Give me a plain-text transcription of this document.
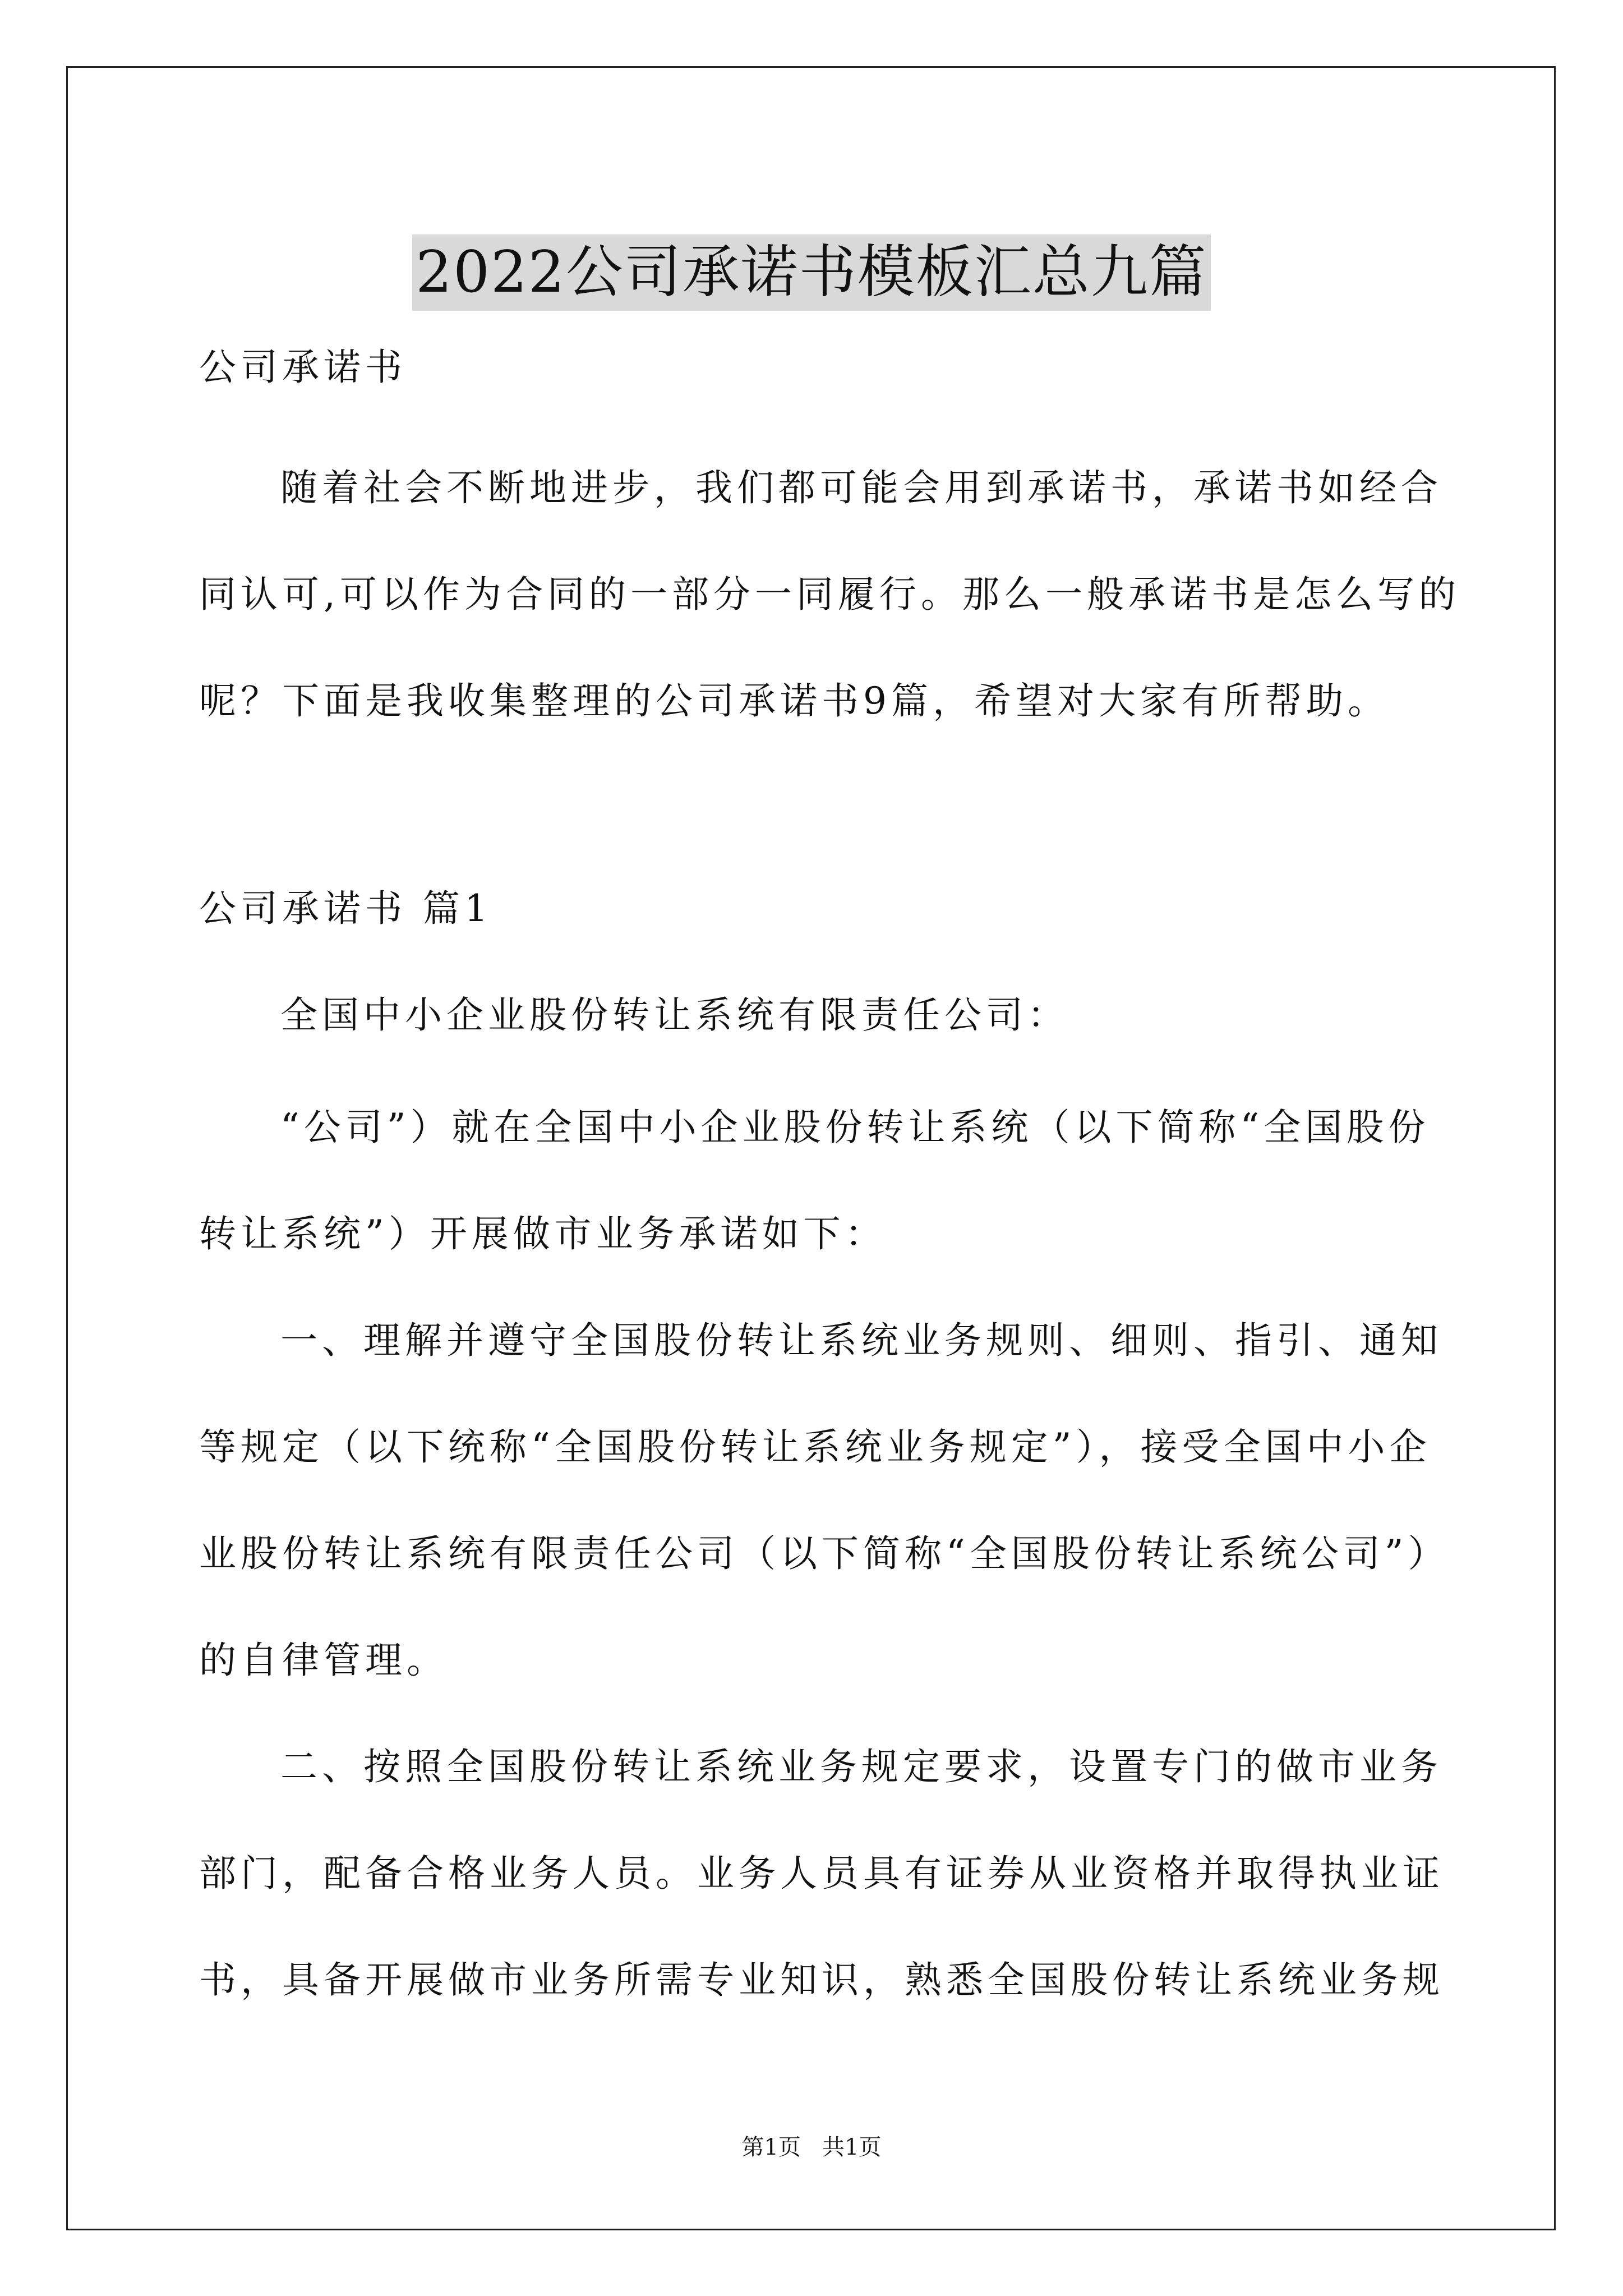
2022公司承诺书模板汇总九篇
公司承诺书
随着社会不断地进步，我们都可能会用到承诺书，承诺书如经合
同认可,可以作为合同的一部分一同履行。那么一般承诺书是怎么写的
呢？下面是我收集整理的公司承诺书9篇，希望对大家有所帮助。
公司承诺书 篇1
全国中小企业股份转让系统有限责任公司：
“公司”）就在全国中小企业股份转让系统（以下简称“全国股份
转让系统”）开展做市业务承诺如下：
一、理解并遵守全国股份转让系统业务规则、细则、指引、通知
等规定（以下统称“全国股份转让系统业务规定”），接受全国中小企
业股份转让系统有限责任公司（以下简称“全国股份转让系统公司”）
的自律管理。
二、按照全国股份转让系统业务规定要求，设置专门的做市业务
部门，配备合格业务人员。业务人员具有证券从业资格并取得执业证
书，具备开展做市业务所需专业知识，熟悉全国股份转让系统业务规
第1页   共1页
